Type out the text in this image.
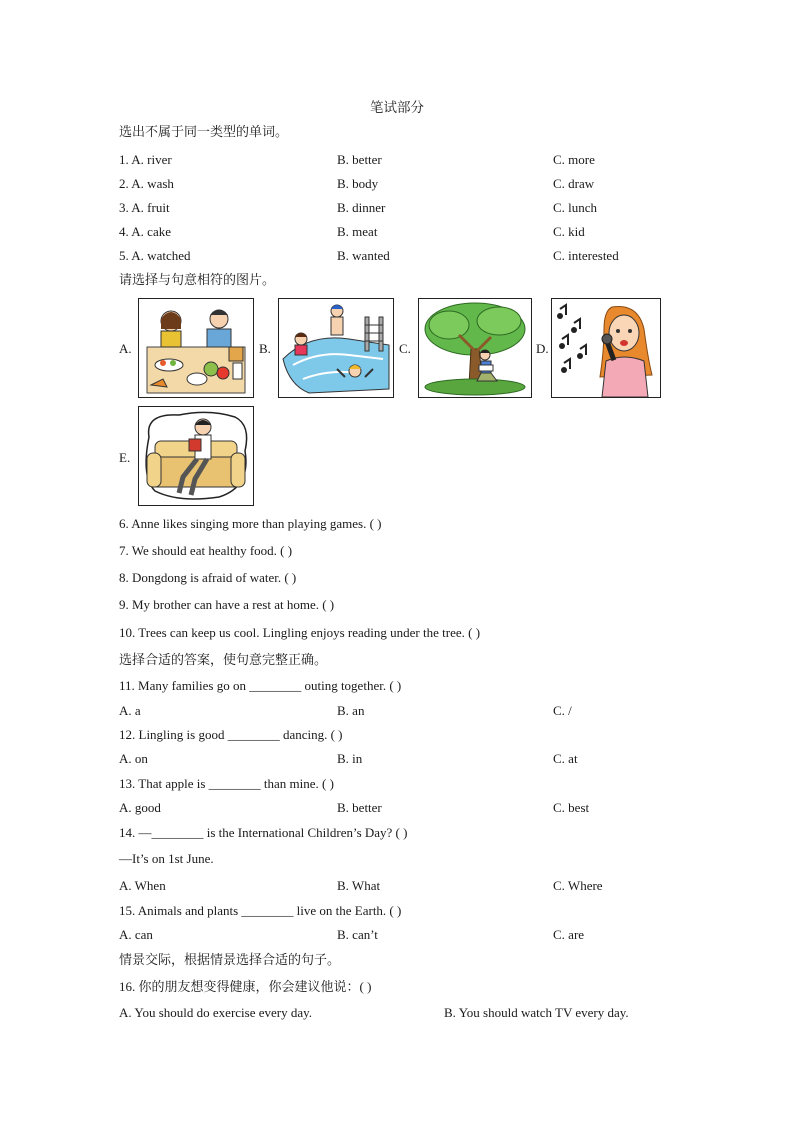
笔试部分
选出不属于同一类型的单词。
1. A. river	B. better	C. more
2. A. wash	B. body	C. draw
3. A. fruit	B. dinner	C. lunch
4. A. cake	B. meat	C. kid
5. A. watched	B. wanted	C. interested
请选择与句意相符的图片。
A.	B.	C.	D.
E.
6. Anne likes singing more than playing games. ( )
7. We should eat healthy food. ( )
8. Dongdong is afraid of water. ( )
9. My brother can have a rest at home. ( )
10. Trees can keep us cool. Lingling enjoys reading under the tree. ( )
选择合适的答案，使句意完整正确。
11. Many families go on ________ outing together. ( )
A. a	B. an	C. /
12. Lingling is good ________ dancing. ( )
A. on	B. in	C. at
13. That apple is ________ than mine. ( )
A. good	B. better	C. best
14. —________ is the International Children’s Day? ( )
—It’s on 1st June.
A. When	B. What	C. Where
15. Animals and plants ________ live on the Earth. ( )
A. can	B. can’t	C. are
情景交际，根据情景选择合适的句子。
16. 你的朋友想变得健康，你会建议他说：( )
A. You should do exercise every day.	B. You should watch TV every day.
